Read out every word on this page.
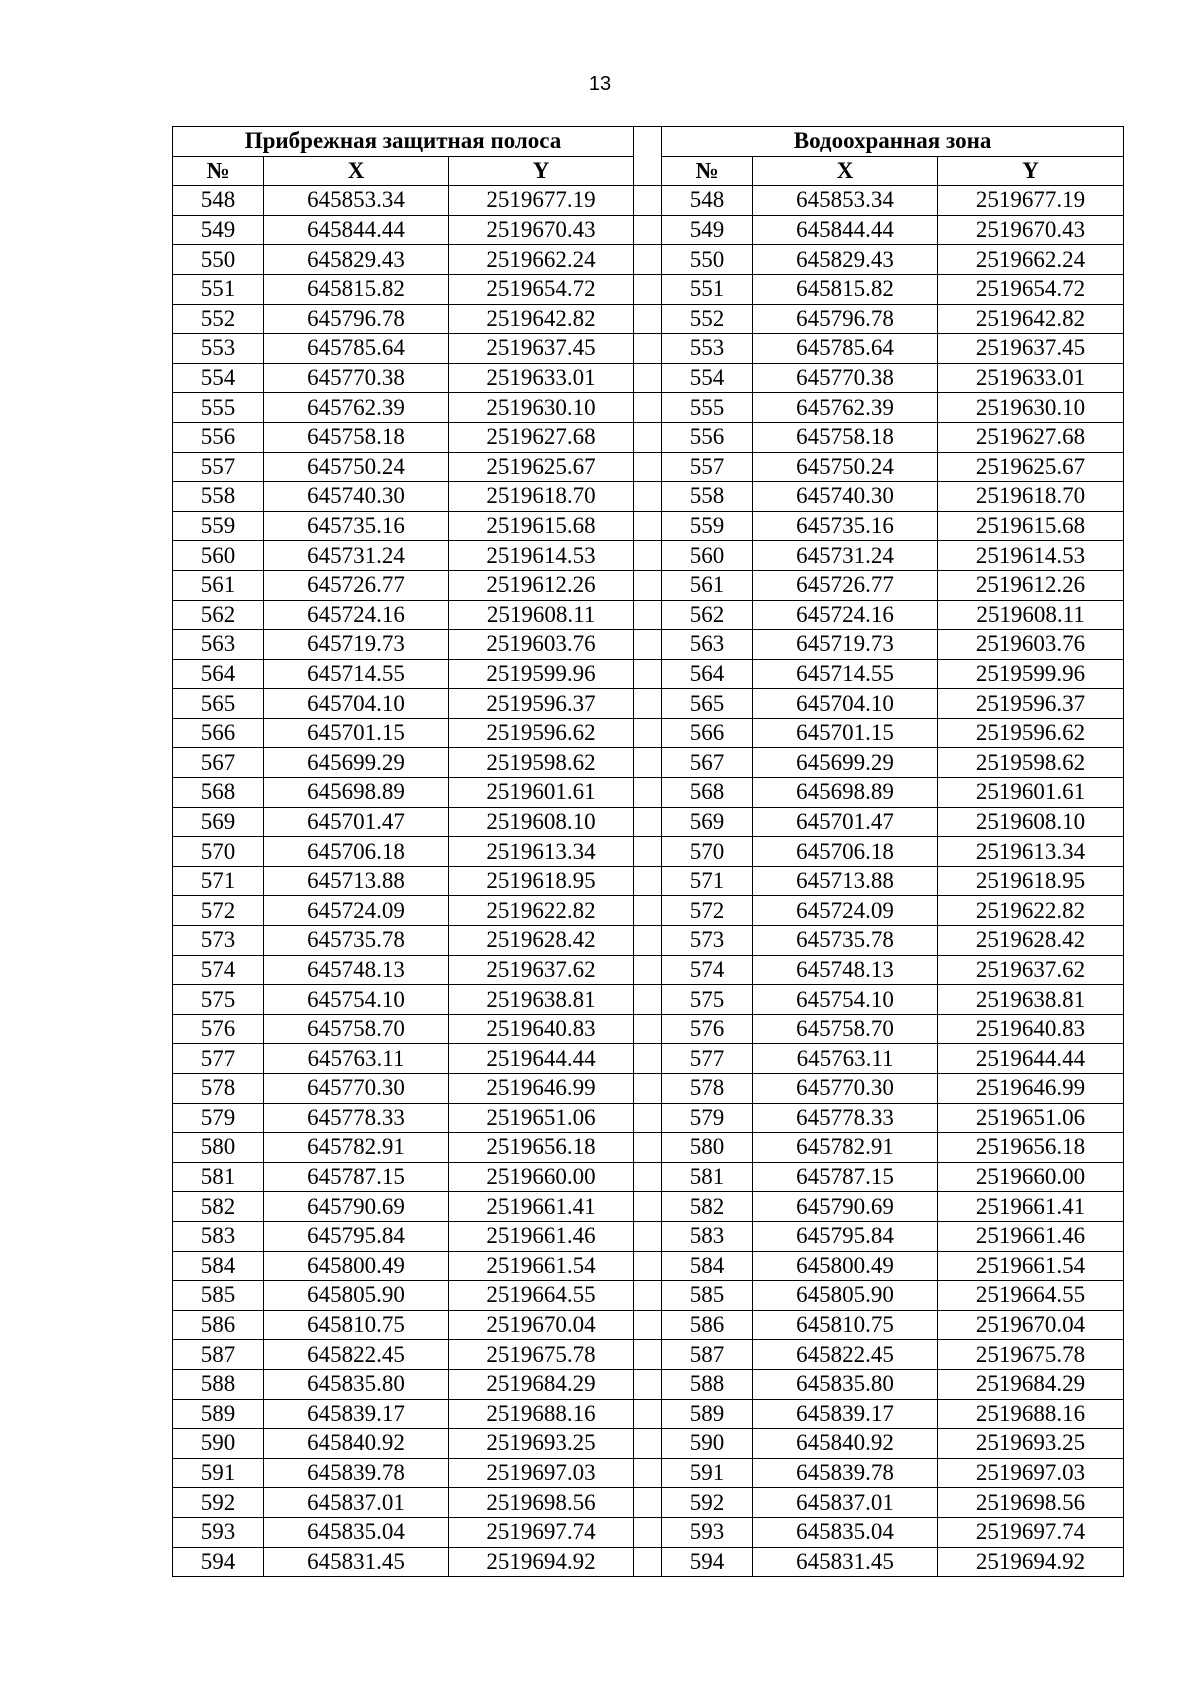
13
Прибрежная защитная полоса				Водоохранная зона		
№	X	Y		№	X	Y
548	645853.34	2519677.19		548	645853.34	2519677.19
549	645844.44	2519670.43		549	645844.44	2519670.43
550	645829.43	2519662.24		550	645829.43	2519662.24
551	645815.82	2519654.72		551	645815.82	2519654.72
552	645796.78	2519642.82		552	645796.78	2519642.82
553	645785.64	2519637.45		553	645785.64	2519637.45
554	645770.38	2519633.01		554	645770.38	2519633.01
555	645762.39	2519630.10		555	645762.39	2519630.10
556	645758.18	2519627.68		556	645758.18	2519627.68
557	645750.24	2519625.67		557	645750.24	2519625.67
558	645740.30	2519618.70		558	645740.30	2519618.70
559	645735.16	2519615.68		559	645735.16	2519615.68
560	645731.24	2519614.53		560	645731.24	2519614.53
561	645726.77	2519612.26		561	645726.77	2519612.26
562	645724.16	2519608.11		562	645724.16	2519608.11
563	645719.73	2519603.76		563	645719.73	2519603.76
564	645714.55	2519599.96		564	645714.55	2519599.96
565	645704.10	2519596.37		565	645704.10	2519596.37
566	645701.15	2519596.62		566	645701.15	2519596.62
567	645699.29	2519598.62		567	645699.29	2519598.62
568	645698.89	2519601.61		568	645698.89	2519601.61
569	645701.47	2519608.10		569	645701.47	2519608.10
570	645706.18	2519613.34		570	645706.18	2519613.34
571	645713.88	2519618.95		571	645713.88	2519618.95
572	645724.09	2519622.82		572	645724.09	2519622.82
573	645735.78	2519628.42		573	645735.78	2519628.42
574	645748.13	2519637.62		574	645748.13	2519637.62
575	645754.10	2519638.81		575	645754.10	2519638.81
576	645758.70	2519640.83		576	645758.70	2519640.83
577	645763.11	2519644.44		577	645763.11	2519644.44
578	645770.30	2519646.99		578	645770.30	2519646.99
579	645778.33	2519651.06		579	645778.33	2519651.06
580	645782.91	2519656.18		580	645782.91	2519656.18
581	645787.15	2519660.00		581	645787.15	2519660.00
582	645790.69	2519661.41		582	645790.69	2519661.41
583	645795.84	2519661.46		583	645795.84	2519661.46
584	645800.49	2519661.54		584	645800.49	2519661.54
585	645805.90	2519664.55		585	645805.90	2519664.55
586	645810.75	2519670.04		586	645810.75	2519670.04
587	645822.45	2519675.78		587	645822.45	2519675.78
588	645835.80	2519684.29		588	645835.80	2519684.29
589	645839.17	2519688.16		589	645839.17	2519688.16
590	645840.92	2519693.25		590	645840.92	2519693.25
591	645839.78	2519697.03		591	645839.78	2519697.03
592	645837.01	2519698.56		592	645837.01	2519698.56
593	645835.04	2519697.74		593	645835.04	2519697.74
594	645831.45	2519694.92		594	645831.45	2519694.92
